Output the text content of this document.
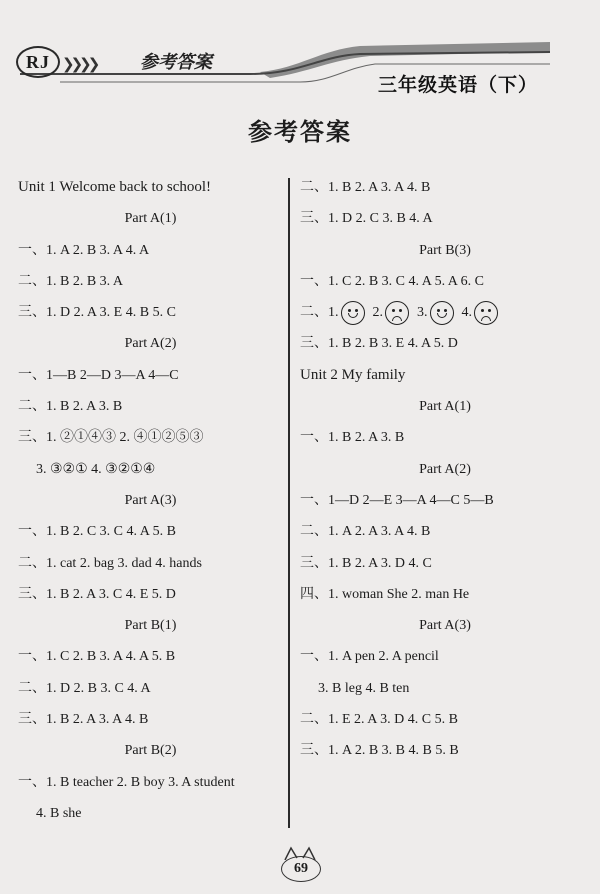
RJ ❯❯❯❯ 参考答案
三年级英语（下）
参考答案
Unit 1 Welcome back to school!
Part A(1)
一、1. A 2. B 3. A 4. A
二、1. B 2. B 3. A
三、1. D 2. A 3. E 4. B 5. C
Part A(2)
一、1—B 2—D 3—A 4—C
二、1. B 2. A 3. B
三、1. ②①④③ 2. ④①②⑤③
3. ③②① 4. ③②①④
Part A(3)
一、1. B 2. C 3. C 4. A 5. B
二、1. cat 2. bag 3. dad 4. hands
三、1. B 2. A 3. C 4. E 5. D
Part B(1)
一、1. C 2. B 3. A 4. A 5. B
二、1. D 2. B 3. C 4. A
三、1. B 2. A 3. A 4. B
Part B(2)
一、1. B teacher 2. B boy 3. A student
4. B she
二、1. B 2. A 3. A 4. B
三、1. D 2. C 3. B 4. A
Part B(3)
一、1. C 2. B 3. C 4. A 5. A 6. C
二、1. 2. 3. 4.
三、1. B 2. B 3. E 4. A 5. D
Unit 2 My family
Part A(1)
一、1. B 2. A 3. B
Part A(2)
一、1—D 2—E 3—A 4—C 5—B
二、1. A 2. A 3. A 4. B
三、1. B 2. A 3. D 4. C
四、1. woman She 2. man He
Part A(3)
一、1. A pen 2. A pencil
3. B leg 4. B ten
二、1. E 2. A 3. D 4. C 5. B
三、1. A 2. B 3. B 4. B 5. B
69
